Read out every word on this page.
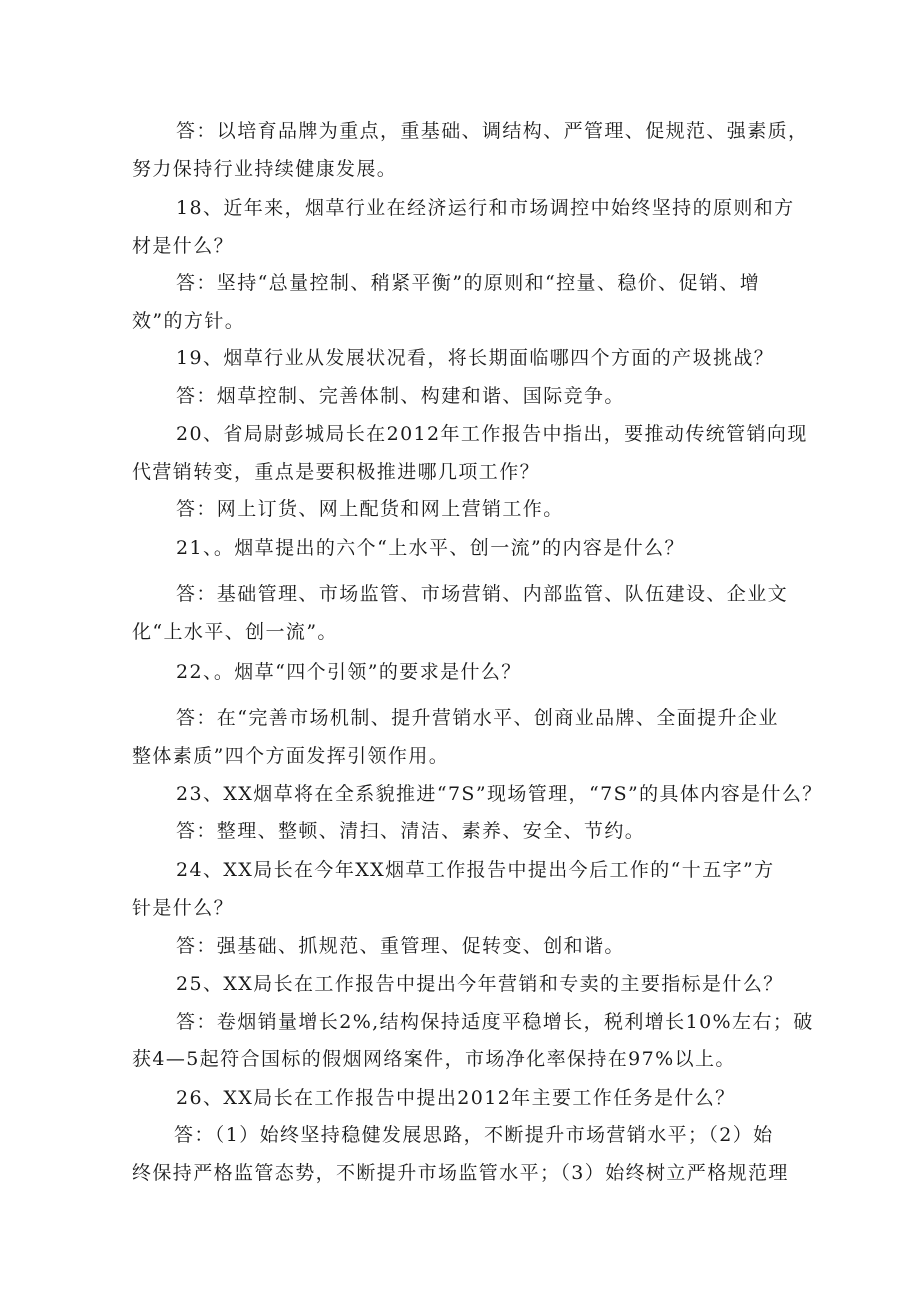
答：以培育品牌为重点，重基础、调结构、严管理、促规范、强素质，
努力保持行业持续健康发展。
18、近年来，烟草行业在经济运行和市场调控中始终坚持的原则和方
材是什么？
答：坚持“总量控制、稍紧平衡”的原则和“控量、稳价、促销、增
效”的方针。
19、烟草行业从发展状况看，将长期面临哪四个方面的产圾挑战？
答：烟草控制、完善体制、构建和谐、国际竞争。
20、省局尉彭城局长在2012年工作报告中指出，要推动传统管销向现
代营销转变，重点是要积极推进哪几项工作？
答：网上订货、网上配货和网上营销工作。
21、。烟草提出的六个“上水平、创一流”的内容是什么？
答：基础管理、市场监管、市场营销、内部监管、队伍建设、企业文
化“上水平、创一流”。
22、。烟草“四个引领”的要求是什么？
答：在“完善市场机制、提升营销水平、创商业品牌、全面提升企业
整体素质”四个方面发挥引领作用。
23、XX烟草将在全系貌推进“7S”现场管理，“7S”的具体内容是什么？
答：整理、整顿、清扫、清洁、素养、安全、节约。
24、XX局长在今年XX烟草工作报告中提出今后工作的“十五字”方
针是什么？
答：强基础、抓规范、重管理、促转变、创和谐。
25、XX局长在工作报告中提出今年营销和专卖的主要指标是什么？
答：卷烟销量增长2%,结构保持适度平稳增长，税利增长10%左右；破
获4—5起符合国标的假烟网络案件，市场净化率保持在97%以上。
26、XX局长在工作报告中提出2012年主要工作任务是什么？
答：（1）始终坚持稳健发展思路，不断提升市场营销水平；（2）始
终保持严格监管态势，不断提升市场监管水平；（3）始终树立严格规范理
